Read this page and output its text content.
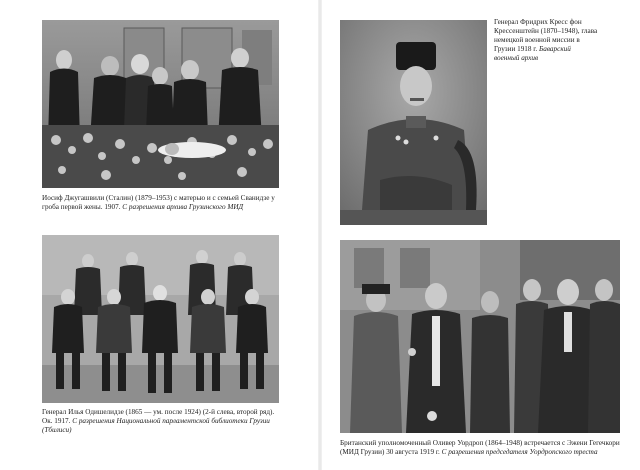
Иосиф Джугашвили (Сталин) (1879–1953) с матерью и с семьей Сванидзе у гроба первой жены. 1907. С разрешения архива Грузинского МИД
Генерал Илья Одишелидзе (1865 — ум. после 1924) (2-й слева, второй ряд). Ок. 1917. С разрешения Национальной парламентской библиотеки Грузии (Тбилиси)
Генерал Фридрих Кресс фон Крессенштейн (1870–1948), глава немецкой военной миссии в Грузии 1918 г. Баварский военный архив
Британский уполномоченный Оливер Уордроп (1864–1948) встречается с Эжени Гегечкори (МИД Грузии) 30 августа 1919 г. С разрешения председателя Уордропского треста
